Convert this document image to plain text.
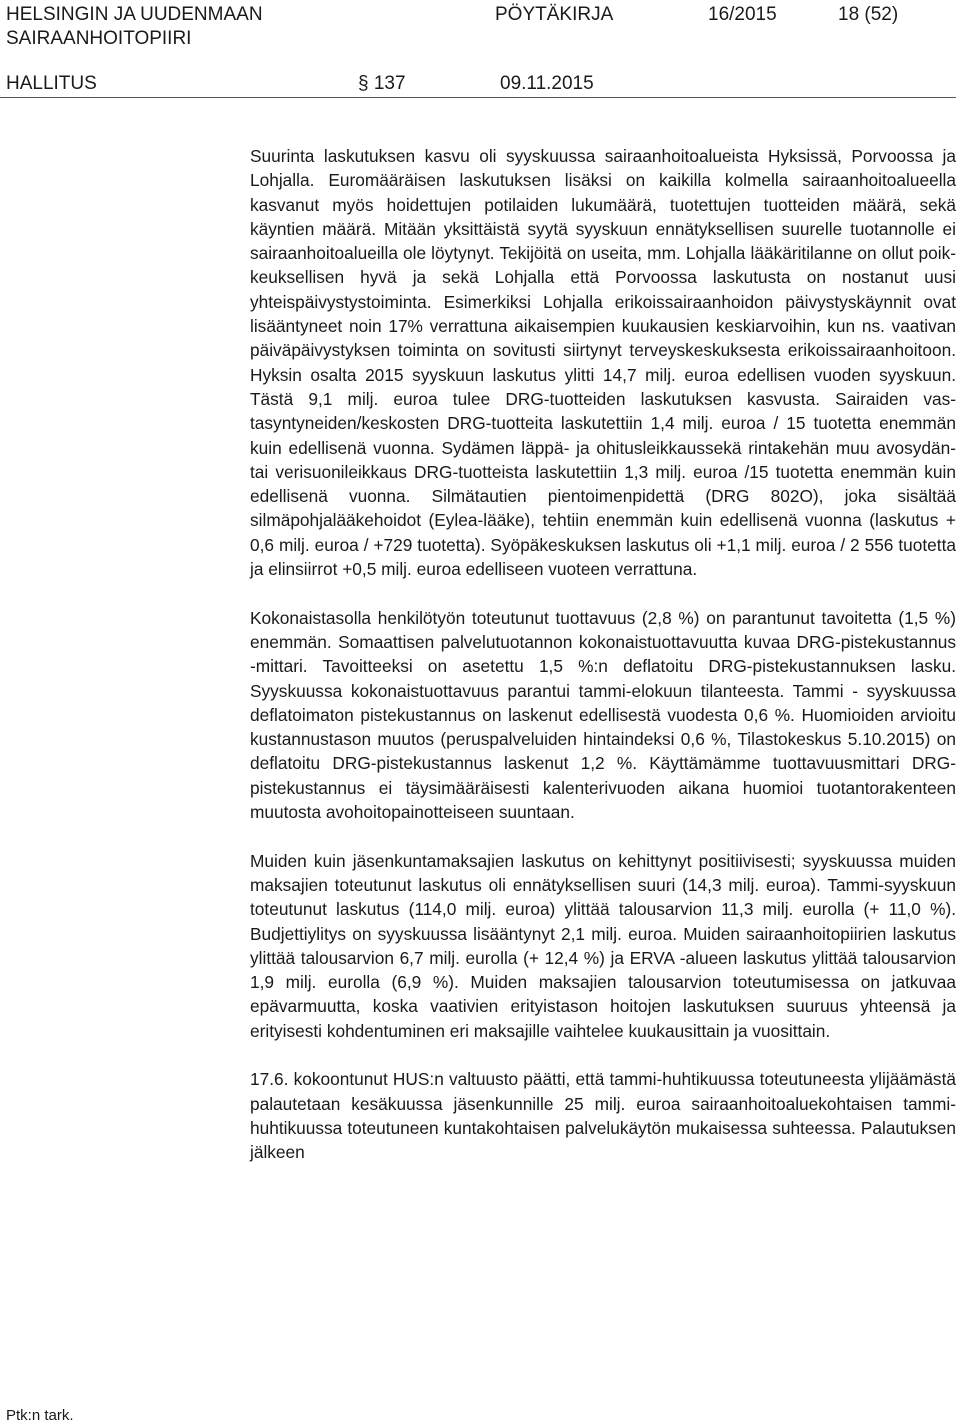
HELSINGIN JA UUDENMAAN
SAIRAANHOITOPIIRI
PÖYTÄKIRJA	16/2015	18 (52)
HALLITUS	§ 137	09.11.2015

Suurinta laskutuksen kasvu oli syyskuussa sairaanhoitoalueista Hyksissä, Porvoossa ja Lohjalla. Euromääräisen laskutuksen lisäksi on kaikilla kolmella sairaanhoitoalueella kasvanut myös hoidettujen potilaiden lukumäärä, tuotettujen tuotteiden määrä, sekä käyntien määrä. Mitään yksittäistä syytä syyskuun ennätyksellisen suurelle tuotannolle ei sairaanhoitoalueilla ole löytynyt. Tekijöitä on useita, mm. Lohjalla lääkäritilanne on ollut poikkeuksellisen hyvä ja sekä Lohjalla että Porvoossa laskutusta on nostanut uusi yhteispäivystystoiminta. Esimerkiksi Lohjalla erikoissairaanhoidon päivystyskäynnit ovat lisääntyneet noin 17% verrattuna aikaisempien kuukausien keskiarvoihin, kun ns. vaativan päiväpäivystyksen toiminta on sovitusti siirtynyt terveyskeskuksesta erikoissairaanhoitoon. Hyksin osalta 2015 syyskuun laskutus ylitti 14,7 milj. euroa edellisen vuoden syyskuun. Tästä 9,1 milj. euroa tulee DRG-tuotteiden laskutuksen kasvusta. Sairaiden vastasyntyneiden/keskosten DRG-tuotteita laskutettiin 1,4 milj. euroa / 15 tuotetta enemmän kuin edellisenä vuonna. Sydämen läppä- ja ohitusleikkaussekä rintakehän muu avosydän- tai verisuonileikkaus DRG-tuotteista laskutettiin 1,3 milj. euroa /15 tuotetta enemmän kuin edellisenä vuonna. Silmätautien pientoimenpidettä (DRG 802O), joka sisältää silmäpohjalääkehoidot (Eylea-lääke), tehtiin enemmän kuin edellisenä vuonna (laskutus + 0,6 milj. euroa / +729 tuotetta). Syöpäkeskuksen laskutus oli +1,1 milj. euroa / 2 556 tuotetta ja elinsiirrot +0,5 milj. euroa edelliseen vuoteen verrattuna.

Kokonaistasolla henkilötyön toteutunut tuottavuus (2,8 %) on parantunut tavoitetta (1,5 %) enemmän. Somaattisen palvelutuotannon kokonaistuottavuutta kuvaa DRG-pistekustannus -mittari. Tavoitteeksi on asetettu 1,5 %:n deflatoitu DRG-pistekustannuksen lasku. Syyskuussa kokonaistuottavuus parantui tammi-elokuun tilanteesta. Tammi - syyskuussa deflatoimaton pistekustannus on laskenut edellisestä vuodesta 0,6 %. Huomioiden arvioitu kustannustason muutos (peruspalveluiden hintaindeksi 0,6 %, Tilastokeskus 5.10.2015) on deflatoitu DRG-pistekustannus laskenut 1,2 %. Käyttämämme tuottavuusmittari DRG-pistekustannus ei täysimääräisesti kalenterivuoden aikana huomioi tuotantorakenteen muutosta avohoitopainotteiseen suuntaan.

Muiden kuin jäsenkuntamaksajien laskutus on kehittynyt positiivisesti; syyskuussa muiden maksajien toteutunut laskutus oli ennätyksellisen suuri (14,3 milj. euroa). Tammi-syyskuun toteutunut laskutus (114,0 milj. euroa) ylittää talousarvion 11,3 milj. eurolla (+ 11,0 %). Budjettiylitys on syyskuussa lisääntynyt 2,1 milj. euroa. Muiden sairaanhoitopiirien laskutus ylittää talousarvion 6,7 milj. eurolla (+ 12,4 %) ja ERVA -alueen laskutus ylittää talousarvion 1,9 milj. eurolla (6,9 %). Muiden maksajien talousarvion toteutumisessa on jatkuvaa epävarmuutta, koska vaativien erityistason hoitojen laskutuksen suuruus yhteensä ja erityisesti kohdentuminen eri maksajille vaihtelee kuukausittain ja vuosittain.

17.6. kokoontunut HUS:n valtuusto päätti, että tammi-huhtikuussa toteutuneesta ylijäämästä palautetaan kesäkuussa jäsenkunnille 25 milj. euroa sairaanhoitoaluekohtaisen tammi-huhtikuussa toteutuneen kuntakohtaisen palvelukäytön mukaisessa suhteessa. Palautuksen jälkeen

Ptk:n tark.
